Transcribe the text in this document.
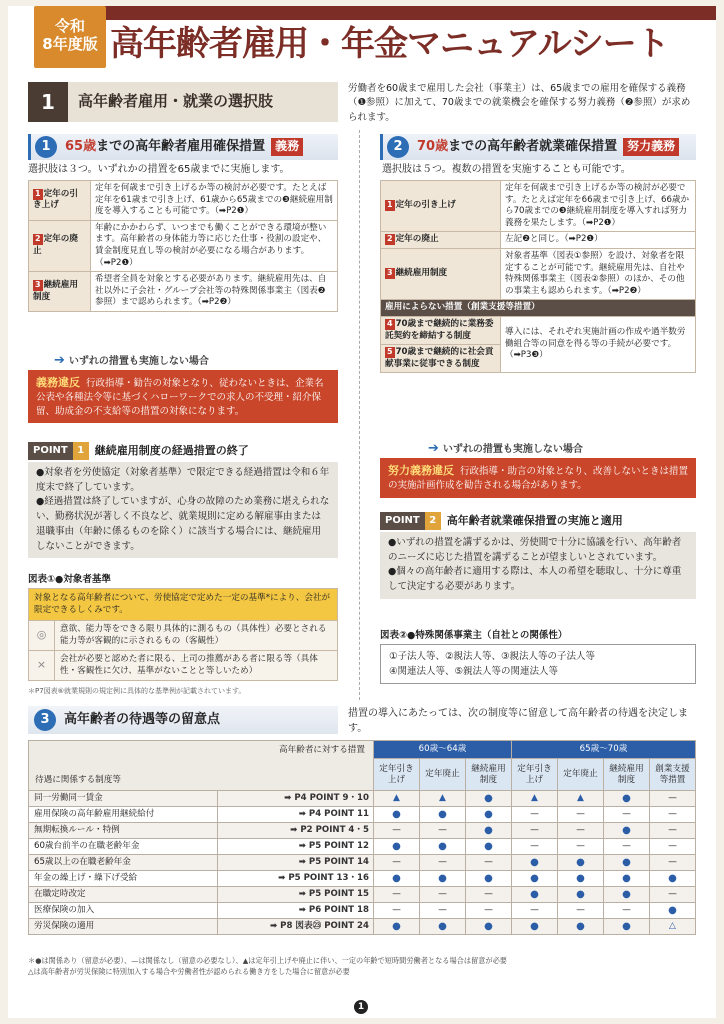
令和
8年度版 高年齢者雇用・年金マニュアルシート
1	高年齢者雇用・就業の選択肢
労働者を60歳まで雇用した会社（事業主）は、65歳までの雇用を確保する義務（❶参照）に加えて、70歳までの就業機会を確保する努力義務（❷参照）が求められます。
1	65歳までの高年齢者雇用確保措置 義務
選択肢は３つ。いずれかの措置を65歳までに実施します。
1 定年の引き上げ	定年を何歳まで引き上げるか等の検討が必要です。たとえば定年を61歳まで引き上げ、61歳から65歳までの❸継続雇用制度を導入することも可能です。（➡P2❶）
2 定年の廃止	年齢にかかわらず、いつまでも働くことができる環境が整います。高年齢者の身体能力等に応じた仕事・役割の設定や、賃金制度見直し等の検討が必要になる場合があります。（➡P2❶）
3 継続雇用制度	希望者全員を対象とする必要があります。継続雇用先は、自社以外に子会社・グループ会社等の特殊関係事業主（図表❷参照）まで認められます。（➡P2❷）
➔ いずれの措置も実施しない場合
義務違反 行政指導・勧告の対象となり、従わないときは、企業名公表や各種法令等に基づくハローワークでの求人の不受理・紹介保留、助成金の不支給等の措置の対象になります。
POINT 1 継続雇用制度の経過措置の終了
●対象者を労使協定（対象者基準）で限定できる経過措置は令和６年度末で終了しています。
●経過措置は終了していますが、心身の故障のため業務に堪えられない、勤務状況が著しく不良など、就業規則に定める解雇事由または退職事由（年齢に係るものを除く）に該当する場合には、継続雇用しないことができます。
図表①●対象者基準
対象となる高年齢者について、労使協定で定めた一定の基準*により、会社が限定できるしくみです。
◎	意欲、能力等をできる限り具体的に測るもの（具体性）必要とされる能力等が客観的に示されるもの（客観性）
×	会社が必要と認めた者に限る、上司の推薦がある者に限る等（具体性・客観性に欠け、基準がないことと等しいため）
＊P7図表⑥就業規則の規定例に具体的な基準例が記載されています。
2	70歳までの高年齢者就業確保措置 努力義務
選択肢は５つ。複数の措置を実施することも可能です。
1 定年の引き上げ	定年を何歳まで引き上げるか等の検討が必要です。たとえば定年を66歳まで引き上げ、66歳から70歳までの❸継続雇用制度を導入すれば努力義務を果たします。（➡P2❶）
2 定年の廃止	左記❷と同じ。（➡P2❶）
3 継続雇用制度	対象者基準（図表①参照）を設け、対象者を限定することが可能です。継続雇用先は、自社や特殊関係事業主（図表②参照）のほか、その他の事業主も認められます。（➡P2❷）
雇用によらない措置（創業支援等措置）	
4 70歳まで継続的に業務委託契約を締結する制度	導入には、それぞれ実施計画の作成や過半数労働組合等の同意を得る等の手続が必要です。（➡P3❸）
5 70歳まで継続的に社会貢献事業に従事できる制度	
➔ いずれの措置も実施しない場合
努力義務違反 行政指導・助言の対象となり、改善しないときは措置の実施計画作成を勧告される場合があります。
POINT 2 高年齢者就業確保措置の実施と適用
●いずれの措置を講ずるかは、労使間で十分に協議を行い、高年齢者のニーズに応じた措置を講ずることが望ましいとされています。
●個々の高年齢者に適用する際は、本人の希望を聴取し、十分に尊重して決定する必要があります。
図表②●特殊関係事業主（自社との関係性）
①子法人等、②親法人等、③親法人等の子法人等
④関連法人等、⑤親法人等の関連法人等
3	高年齢者の待遇等の留意点	措置の導入にあたっては、次の制度等に留意して高年齢者の待遇を決定します。
高年齢者に対する措置
待遇に関係する制度等		60歳〜64歳			65歳〜70歳			
		定年引き上げ	定年廃止	継続雇用制度	定年引き上げ	定年廃止	継続雇用制度	創業支援等措置
同一労働同一賃金	➡ P4 POINT 9・10	▲	▲	●	▲	▲	●	—
雇用保険の高年齢雇用継続給付	➡ P4 POINT 11	●	●	●	—	—	—	—
無期転換ルール・特例	➡ P2 POINT 4・5	—	—	●	—	—	●	—
60歳台前半の在職老齢年金	➡ P5 POINT 12	●	●	●	—	—	—	—
65歳以上の在職老齢年金	➡ P5 POINT 14	—	—	—	●	●	●	—
年金の繰上げ・繰下げ受給	➡ P5 POINT 13・16	●	●	●	●	●	●	●
在職定時改定	➡ P5 POINT 15	—	—	—	●	●	●	—
医療保険の加入	➡ P6 POINT 18	—	—	—	—	—	—	●
労災保険の適用	➡ P8 図表㉓ POINT 24	●	●	●	●	●	●	△
＊●は関係あり（留意が必要）、—は関係なし（留意の必要なし）、▲は定年引上げや廃止に伴い、一定の年齢で短時間労働者となる場合は留意が必要
△は高年齢者が労災保険に特別加入する場合や労働者性が認められる働き方をした場合に留意が必要
1
